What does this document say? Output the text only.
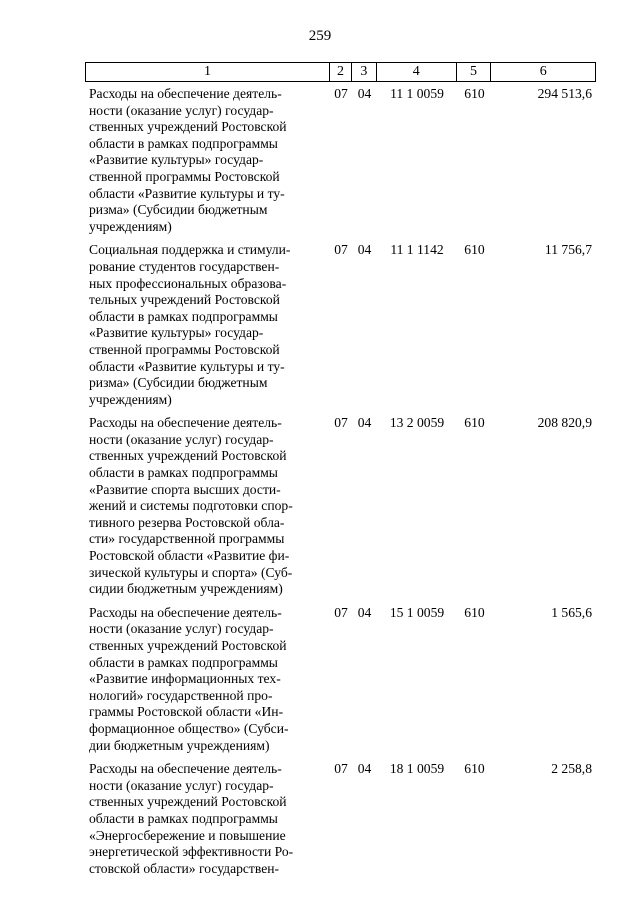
259
1	2	3	4	5	6
Расходы на обеспечение деятель-
ности (оказание услуг) государ-
ственных учреждений Ростовской
области в рамках подпрограммы
«Развитие культуры» государ-
ственной программы Ростовской
области «Развитие культуры и ту-
ризма» (Субсидии бюджетным
учреждениям)
07 04	11 1 0059	610	294 513,6
Социальная поддержка и стимули-
рование студентов государствен-
ных профессиональных образова-
тельных учреждений Ростовской
области в рамках подпрограммы
«Развитие культуры» государ-
ственной программы Ростовской
области «Развитие культуры и ту-
ризма» (Субсидии бюджетным
учреждениям)
07 04	11 1 1142	610	11 756,7
Расходы на обеспечение деятель-
ности (оказание услуг) государ-
ственных учреждений Ростовской
области в рамках подпрограммы
«Развитие спорта высших дости-
жений и системы подготовки спор-
тивного резерва Ростовской обла-
сти» государственной программы
Ростовской области «Развитие фи-
зической культуры и спорта» (Суб-
сидии бюджетным учреждениям)
07 04	13 2 0059	610	208 820,9
Расходы на обеспечение деятель-
ности (оказание услуг) государ-
ственных учреждений Ростовской
области в рамках подпрограммы
«Развитие информационных тех-
нологий» государственной про-
граммы Ростовской области «Ин-
формационное общество» (Субси-
дии бюджетным учреждениям)
07 04	15 1 0059	610	1 565,6
Расходы на обеспечение деятель-
ности (оказание услуг) государ-
ственных учреждений Ростовской
области в рамках подпрограммы
«Энергосбережение и повышение
энергетической эффективности Ро-
стовской области» государствен-
07 04	18 1 0059	610	2 258,8
